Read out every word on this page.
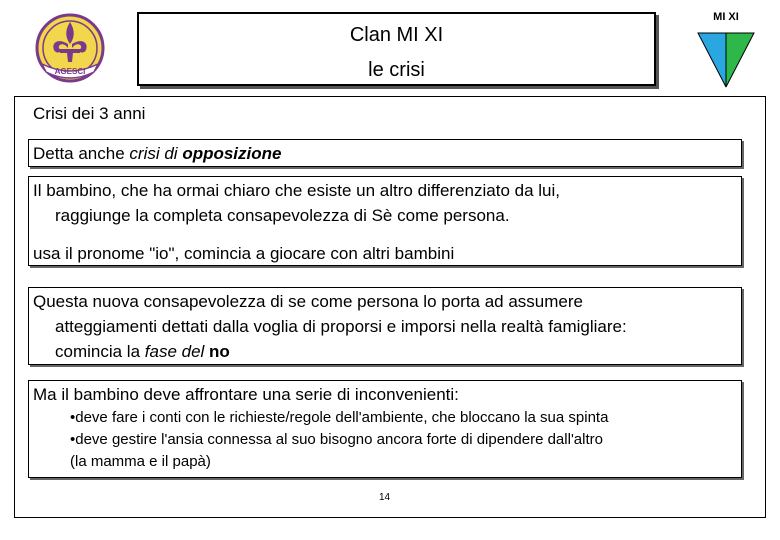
AGESCI
Clan MI XI
le crisi
MI XI
Crisi dei 3 anni
Detta anche crisi di opposizione
Il bambino, che ha ormai chiaro che esiste un altro differenziato da lui,
raggiunge la completa consapevolezza di Sè come persona.
usa il pronome "io", comincia a giocare con altri bambini
Questa nuova consapevolezza di se come persona lo porta ad assumere
atteggiamenti dettati dalla voglia di proporsi e imporsi nella realtà famigliare:
comincia la fase del no
Ma il bambino deve affrontare una serie di inconvenienti:
•deve fare i conti con le richieste/regole dell'ambiente, che bloccano la sua spinta
•deve gestire l'ansia connessa al suo bisogno ancora forte di dipendere dall'altro
(la mamma e il papà)
14
